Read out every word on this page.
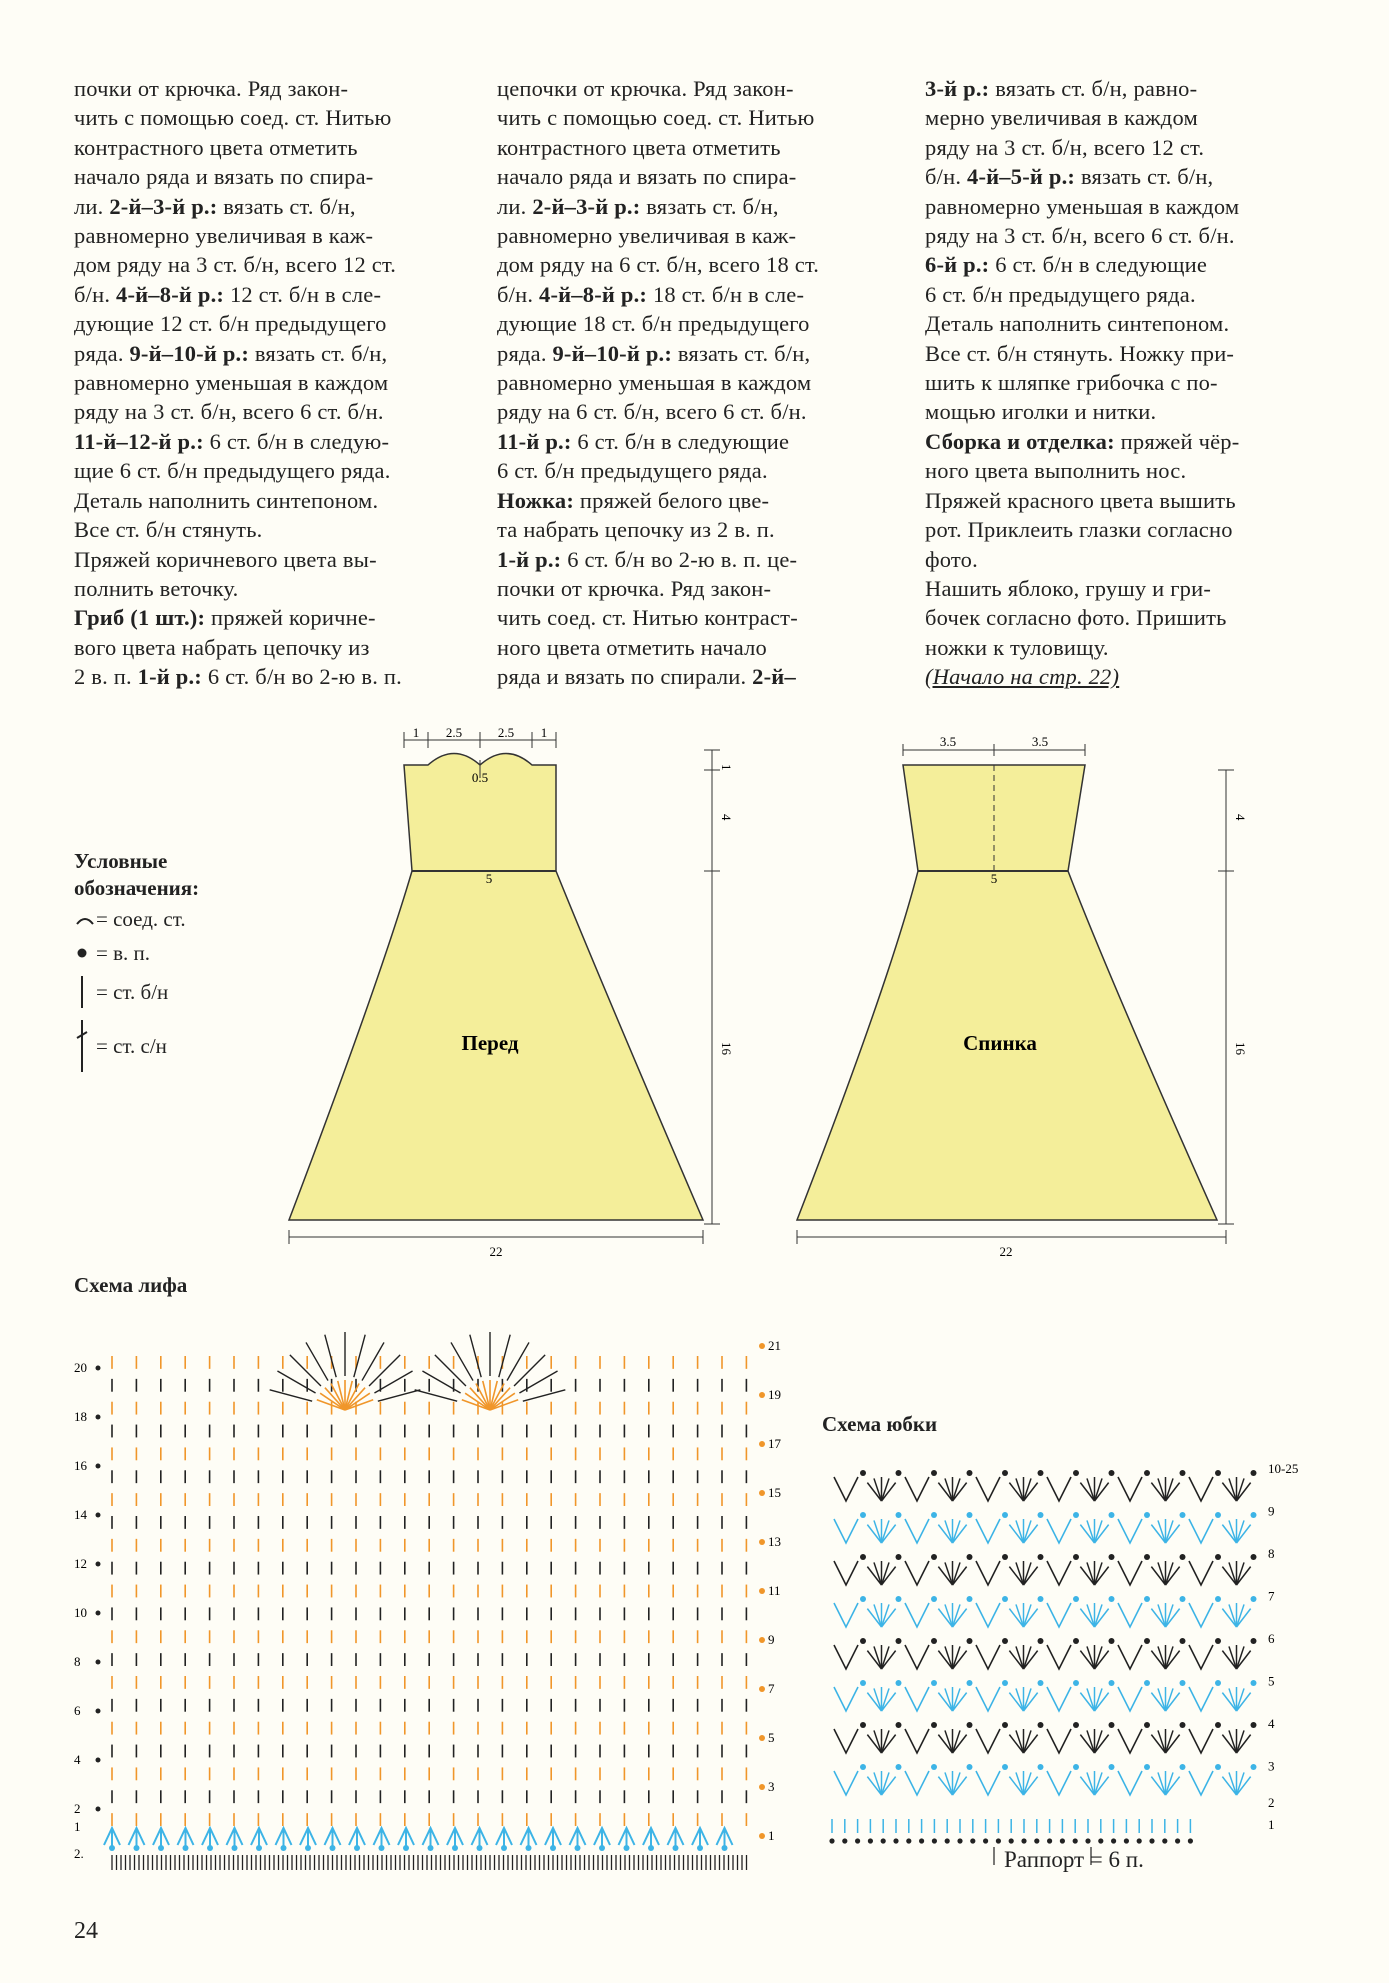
почки от крючка. Ряд закон-

чить с помощью соед. ст. Нитью

контрастного цвета отметить

начало ряда и вязать по спира-

ли. 2-й–3-й р.: вязать ст. б/н,

равномерно увеличивая в каж-

дом ряду на 3 ст. б/н, всего 12 ст.

б/н. 4-й–8-й р.: 12 ст. б/н в сле-

дующие 12 ст. б/н предыдущего

ряда. 9-й–10-й р.: вязать ст. б/н,

равномерно уменьшая в каждом

ряду на 3 ст. б/н, всего 6 ст. б/н.

11-й–12-й р.: 6 ст. б/н в следую-

щие 6 ст. б/н предыдущего ряда.

Деталь наполнить синтепоном.

Все ст. б/н стянуть.

Пряжей коричневого цвета вы-

полнить веточку.

Гриб (1 шт.): пряжей коричне-

вого цвета набрать цепочку из

2 в. п. 1-й р.: 6 ст. б/н во 2-ю в. п.

цепочки от крючка. Ряд закон-

чить с помощью соед. ст. Нитью

контрастного цвета отметить

начало ряда и вязать по спира-

ли. 2-й–3-й р.: вязать ст. б/н,

равномерно увеличивая в каж-

дом ряду на 6 ст. б/н, всего 18 ст.

б/н. 4-й–8-й р.: 18 ст. б/н в сле-

дующие 18 ст. б/н предыдущего

ряда. 9-й–10-й р.: вязать ст. б/н,

равномерно уменьшая в каждом

ряду на 6 ст. б/н, всего 6 ст. б/н.

11-й р.: 6 ст. б/н в следующие

6 ст. б/н предыдущего ряда.

Ножка: пряжей белого цве-

та набрать цепочку из 2 в. п.

1-й р.: 6 ст. б/н во 2-ю в. п. це-

почки от крючка. Ряд закон-

чить соед. ст. Нитью контраст-

ного цвета отметить начало

ряда и вязать по спирали. 2-й–

3-й р.: вязать ст. б/н, равно-

мерно увеличивая в каждом

ряду на 3 ст. б/н, всего 12 ст.

б/н. 4-й–5-й р.: вязать ст. б/н,

равномерно уменьшая в каждом

ряду на 3 ст. б/н, всего 6 ст. б/н.

6-й р.: 6 ст. б/н в следующие

6 ст. б/н предыдущего ряда.

Деталь наполнить синтепоном.

Все ст. б/н стянуть. Ножку при-

шить к шляпке грибочка с по-

мощью иголки и нитки.

Сборка и отделка: пряжей чёр-

ного цвета выполнить нос.

Пряжей красного цвета вышить

рот. Приклеить глазки согласно

фото.

Нашить яблоко, грушу и гри-

бочек согласно фото. Пришить

ножки к туловищу.

(Начало на стр. 22)

Условные
обозначения:
= соед. ст.
= в. п.
= ст. б/н
= ст. с/н
5
0.5
Перед
1 2.5	2.5 1
1
4
16
22
5
Спинка
3.5	3.5
4
16
22
Схема лифа
20
18
16
14
12
10
8
6
4
2
1
2.
21
19
17
15
13
11
9
7
5
3
1
Схема юбки
10-25
9
8
7
6
5
4
3
2
1
Раппорт = 6 п.
24
